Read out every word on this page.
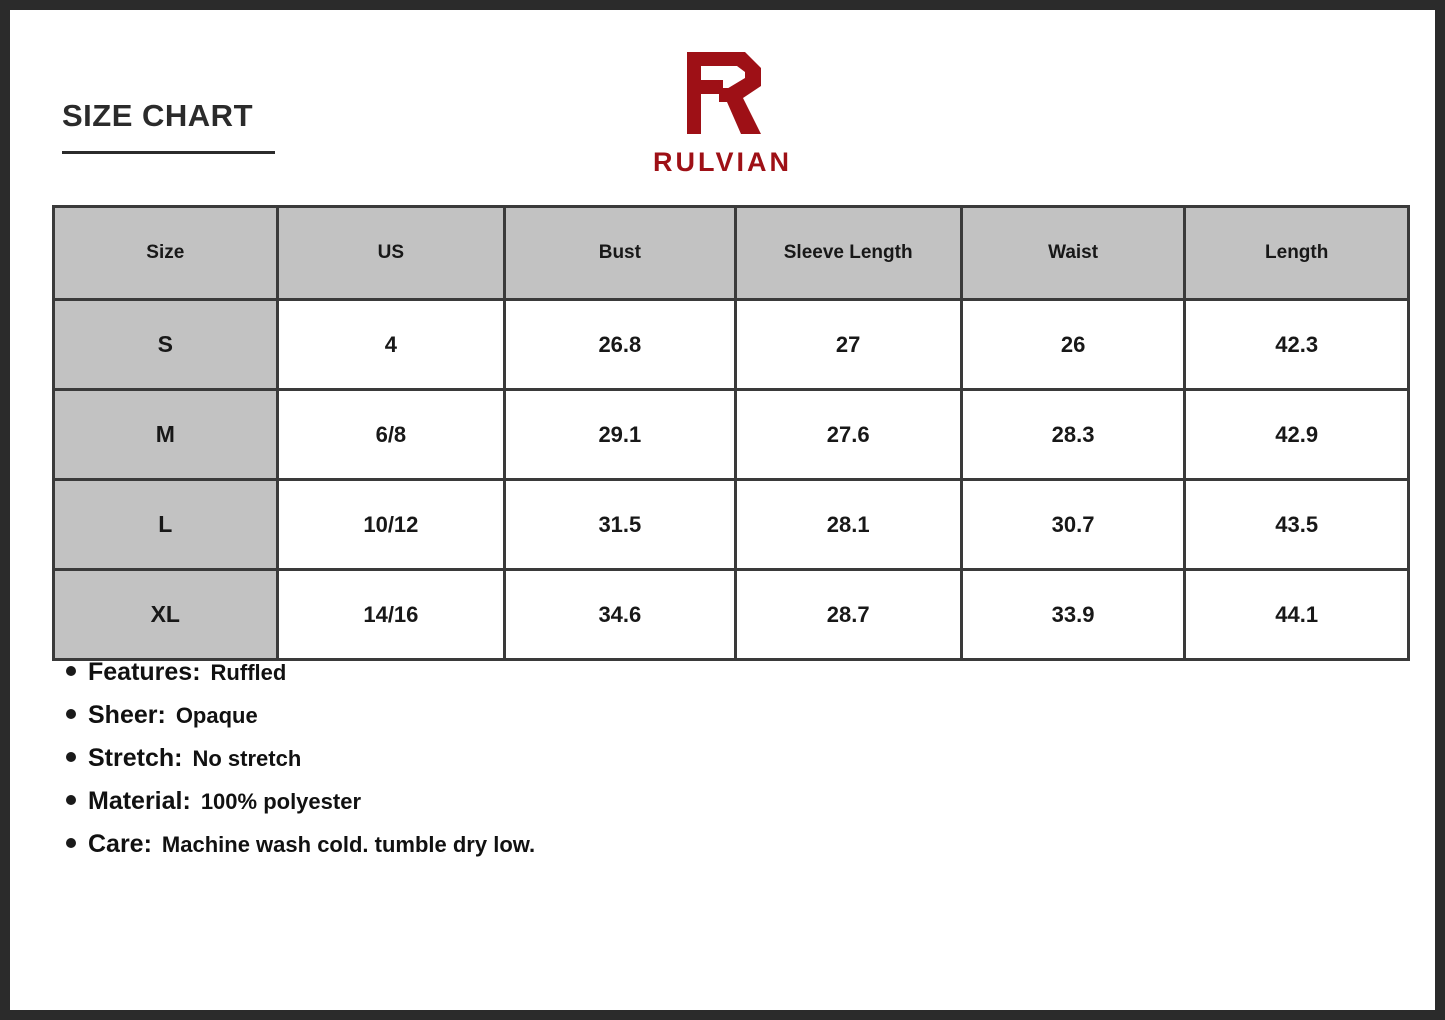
SIZE CHART
RULVIAN
Size	US	Bust	Sleeve Length	Waist	Length
S	4	26.8	27	26	42.3
M	6/8	29.1	27.6	28.3	42.9
L	10/12	31.5	28.1	30.7	43.5
XL	14/16	34.6	28.7	33.9	44.1
Features: Ruffled
Sheer: Opaque
Stretch: No stretch
Material: 100% polyester
Care: Machine wash cold. tumble dry low.
